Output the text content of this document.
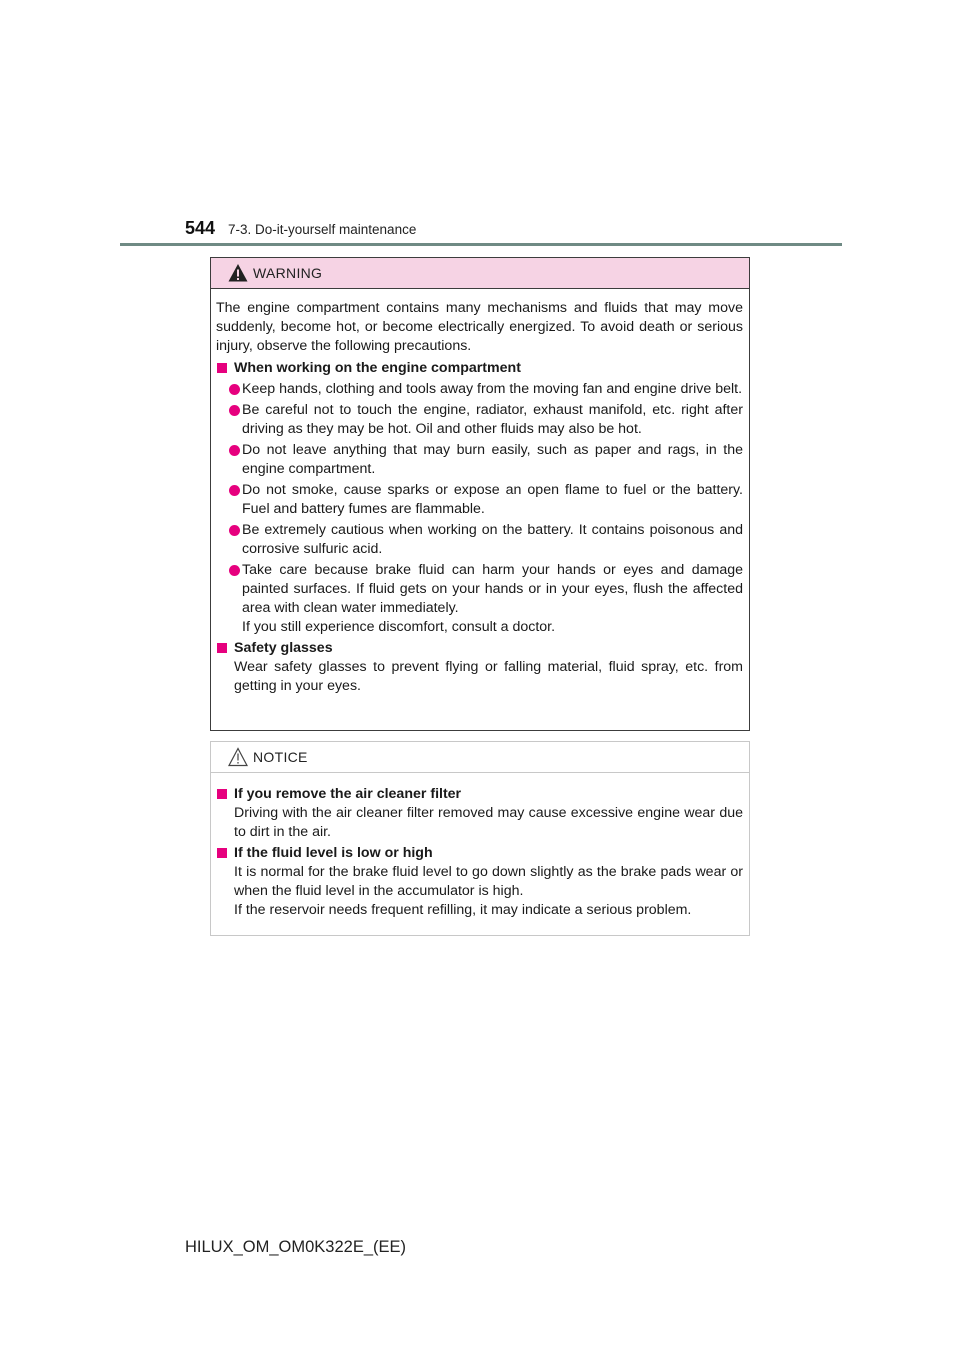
544 7-3. Do-it-yourself maintenance
WARNING

The engine compartment contains many mechanisms and fluids that may move suddenly, become hot, or become electrically energized. To avoid death or serious injury, observe the following precautions.

When working on the engine compartment

Keep hands, clothing and tools away from the moving fan and engine drive belt.
Be careful not to touch the engine, radiator, exhaust manifold, etc. right after driving as they may be hot. Oil and other fluids may also be hot.
Do not leave anything that may burn easily, such as paper and rags, in the engine compartment.
Do not smoke, cause sparks or expose an open flame to fuel or the battery. Fuel and battery fumes are flammable.
Be extremely cautious when working on the battery. It contains poisonous and corrosive sulfuric acid.
Take care because brake fluid can harm your hands or eyes and damage painted surfaces. If fluid gets on your hands or in your eyes, flush the affected area with clean water immediately.
If you still experience discomfort, consult a doctor.

Safety glasses

Wear safety glasses to prevent flying or falling material, fluid spray, etc. from getting in your eyes.

NOTICE

If you remove the air cleaner filter

Driving with the air cleaner filter removed may cause excessive engine wear due to dirt in the air.

If the fluid level is low or high

It is normal for the brake fluid level to go down slightly as the brake pads wear or when the fluid level in the accumulator is high.

If the reservoir needs frequent refilling, it may indicate a serious problem.

HILUX_OM_OM0K322E_(EE)
